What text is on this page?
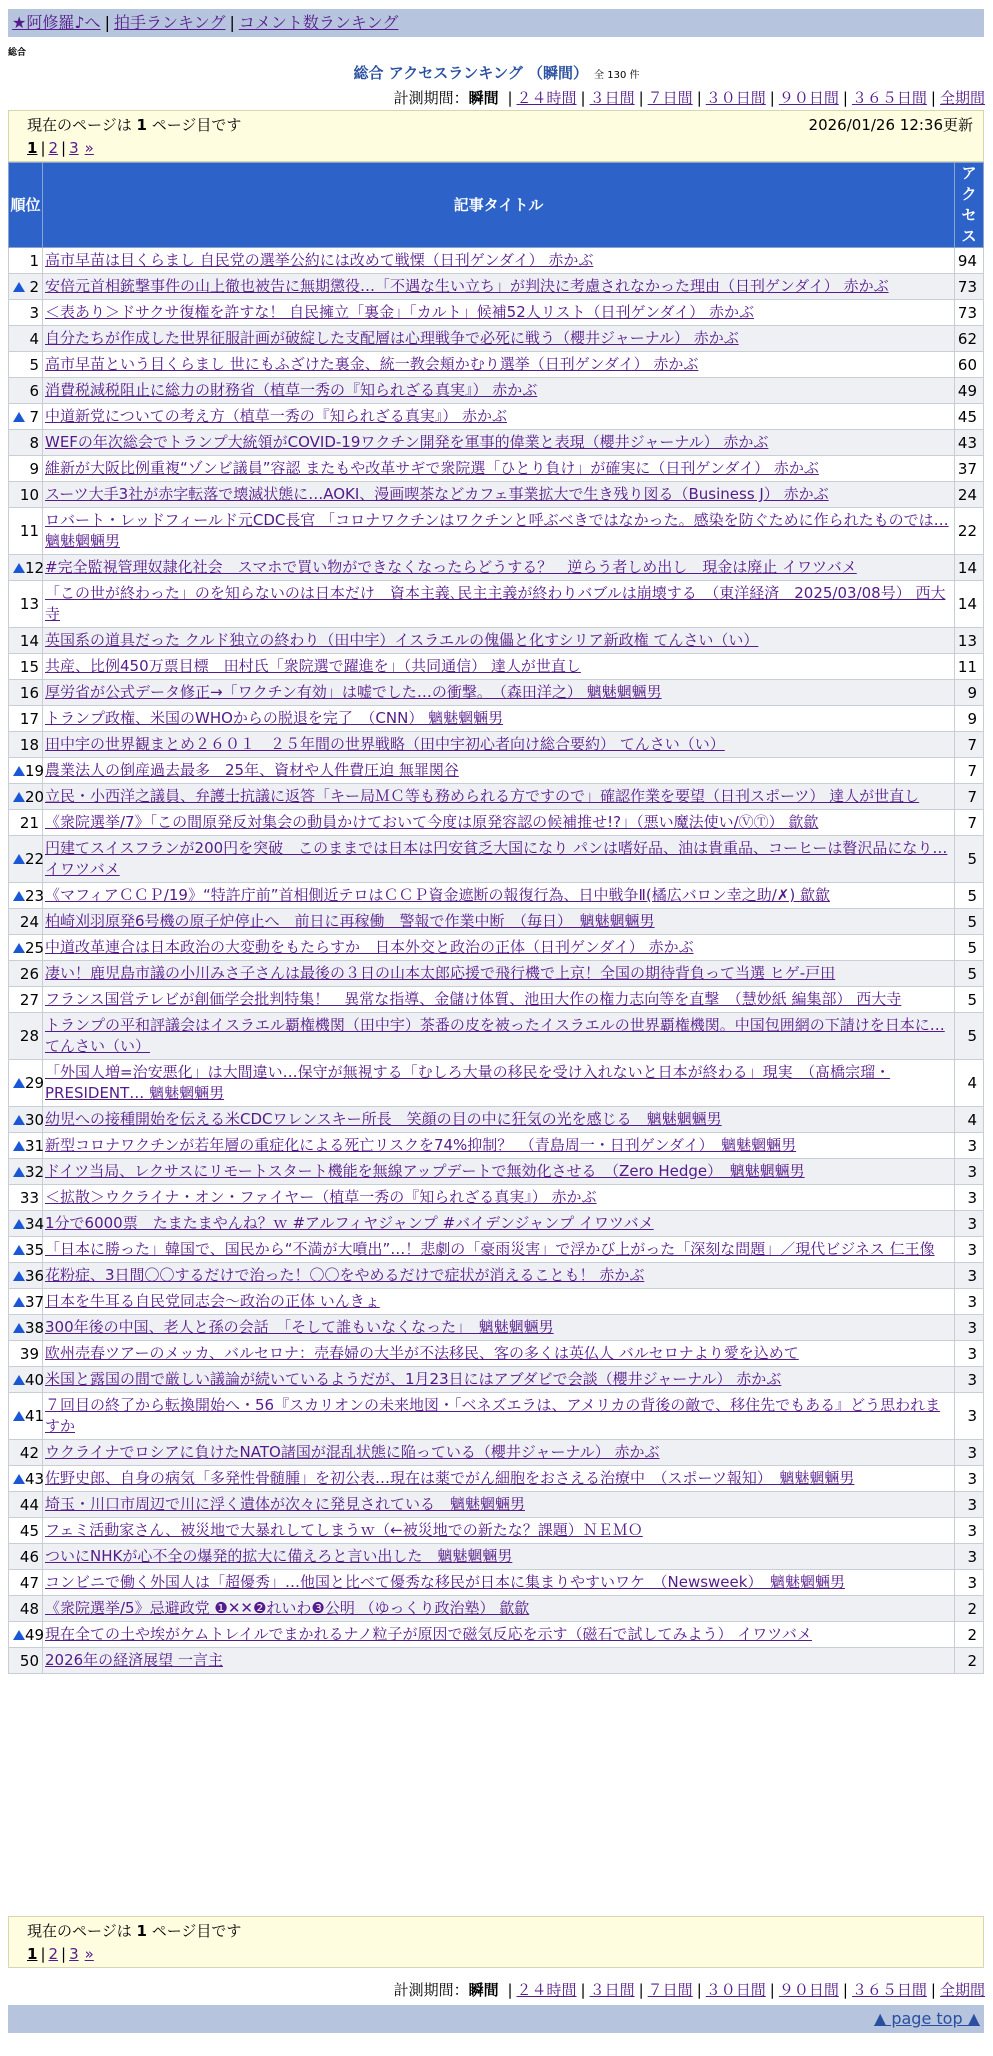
★阿修羅♪へ | 拍手ランキング | コメント数ランキング
総合
総合 アクセスランキング （瞬間） 全 130 件
計測期間：瞬間 | ２４時間 | ３日間 | ７日間 | ３０日間 | ９０日間 | ３６５日間 | 全期間
現在のページは 1 ページ目です	2026/01/26 12:36更新
1 | 2 | 3 »
順位	記事タイトル	アクセス
1	高市早苗は目くらまし 自民党の選挙公約には改めて戦慄（日刊ゲンダイ） 赤かぶ	94

2	安倍元首相銃撃事件の山上徹也被告に無期懲役…「不遇な生い立ち」が判決に考慮されなかった理由（日刊ゲンダイ） 赤かぶ	73
3	＜表あり＞ドサクサ復権を許すな！ 自民擁立「裏金」「カルト」候補52人リスト（日刊ゲンダイ） 赤かぶ	73
4	自分たちが作成した世界征服計画が破綻した支配層は心理戦争で必死に戦う（櫻井ジャーナル） 赤かぶ	62
5	高市早苗という目くらまし 世にもふざけた裏金、統一教会頬かむり選挙（日刊ゲンダイ） 赤かぶ	60
6	消費税減税阻止に総力の財務省（植草一秀の『知られざる真実』） 赤かぶ	49

7	中道新党についての考え方（植草一秀の『知られざる真実』） 赤かぶ	45
8	WEFの年次総会でトランプ大統領がCOVID-19ワクチン開発を軍事的偉業と表現（櫻井ジャーナル） 赤かぶ	43
9	維新が大阪比例重複“ゾンビ議員”容認 またもや改革サギで衆院選「ひとり負け」が確実に（日刊ゲンダイ） 赤かぶ	37
10	スーツ大手3社が赤字転落で壊滅状態に…AOKI、漫画喫茶などカフェ事業拡大で生き残り図る（Business J） 赤かぶ	24
11	ロバート・レッドフィールド元CDC長官 「コロナワクチンはワクチンと呼ぶべきではなかった。感染を防ぐために作られたものでは… 魑魅魍魎男	22

12	#完全監視管理奴隷化社会　スマホで買い物ができなくなったらどうする？　逆らう者しめ出し　現金は廃止 イワツバメ	14
13	「この世が終わった」のを知らないのは日本だけ　資本主義､民主主義が終わりバブルは崩壊する　（東洋経済　2025/03/08号） 西大寺	14
14	英国系の道具だった クルド独立の終わり（田中宇）イスラエルの傀儡と化すシリア新政権 てんさい（い）	13
15	共産、比例450万票目標　田村氏「衆院選で躍進を」（共同通信） 達人が世直し	11
16	厚労省が公式データ修正→「ワクチン有効」は嘘でした…の衝撃。　（森田洋之） 魑魅魍魎男	9
17	トランプ政権、米国のWHOからの脱退を完了　（CNN） 魑魅魍魎男	9
18	田中宇の世界観まとめ２６０１　２５年間の世界戦略（田中宇初心者向け総合要約） てんさい（い）	7

19	農業法人の倒産過去最多　25年、資材や人件費圧迫 無罪関谷	7

20	立民・小西洋之議員、弁護士抗議に返答「キー局ＭＣ等も務められる方ですので」確認作業を要望（日刊スポーツ） 達人が世直し	7
21	《衆院選挙/7》「この間原発反対集会の動員かけておいて今度は原発容認の候補推せ!?」（悪い魔法使い/ⓋⓉ） 歙歙	7

22	円建てスイスフランが200円を突破　このままでは日本は円安貧乏大国になり パンは嗜好品、油は貴重品、コーヒーは贅沢品になり… イワツバメ	5

23	《マフィアＣＣＰ/19》“特許庁前”首相側近テロはＣＣＰ資金遮断の報復行為、日中戦争Ⅱ(橘広バロン幸之助/✗) 歙歙	5
24	柏崎刈羽原発6号機の原子炉停止へ　前日に再稼働　警報で作業中断　（毎日）　魑魅魍魎男	5

25	中道改革連合は日本政治の大変動をもたらすか　日本外交と政治の正体（日刊ゲンダイ） 赤かぶ	5
26	凄い！鹿児島市議の小川みさ子さんは最後の３日の山本太郎応援で飛行機で上京！全国の期待背負って当選 ヒゲ-戸田	5
27	フランス国営テレビが創価学会批判特集！　異常な指導、金儲け体質、池田大作の権力志向等を直撃　（慧妙紙 編集部） 西大寺	5
28	トランプの平和評議会はイスラエル覇権機関（田中宇）茶番の皮を被ったイスラエルの世界覇権機関。中国包囲網の下請けを日本に… てんさい（い）	5

29	「外国人増=治安悪化」は大間違い…保守が無視する「むしろ大量の移民を受け入れないと日本が終わる」現実　（髙橋宗瑠・PRESIDENT… 魑魅魍魎男	4

30	幼児への接種開始を伝える米CDCワレンスキー所長　笑顔の目の中に狂気の光を感じる　魑魅魍魎男	4

31	新型コロナワクチンが若年層の重症化による死亡リスクを74%抑制？　（青島周一・日刊ゲンダイ）　魑魅魍魎男	3

32	ドイツ当局、レクサスにリモートスタート機能を無線アップデートで無効化させる　（Zero Hedge）　魑魅魍魎男	3
33	＜拡散＞ウクライナ・オン・ファイヤー（植草一秀の『知られざる真実』） 赤かぶ	3

34	1分で6000票　たまたまやんね？ｗ #アルフィヤジャンプ #バイデンジャンプ イワツバメ	3

35	「日本に勝った」韓国で、国民から“不満が大噴出”…！悲劇の「豪雨災害」で浮かび上がった「深刻な問題」／現代ビジネス 仁王像	3

36	花粉症、3日間〇〇するだけで治った！〇〇をやめるだけで症状が消えることも！ 赤かぶ	3

37	日本を牛耳る自民党同志会～政治の正体 いんきょ	3

38	300年後の中国、老人と孫の会話　「そして誰もいなくなった」　魑魅魍魎男	3
39	欧州売春ツアーのメッカ、バルセロナ：売春婦の大半が不法移民、客の多くは英仏人 バルセロナより愛を込めて	3

40	米国と露国の間で厳しい議論が続いているようだが、1月23日にはアブダビで会談（櫻井ジャーナル） 赤かぶ	3

41	７回目の終了から転換開始へ・56『スカリオンの未来地図・「ベネズエラは、アメリカの背後の敵で、移住先でもある』どう思われますか	3
42	ウクライナでロシアに負けたNATO諸国が混乱状態に陥っている（櫻井ジャーナル） 赤かぶ	3

43	佐野史郎、自身の病気「多発性骨髄腫」を初公表…現在は薬でがん細胞をおさえる治療中　（スポーツ報知）　魑魅魍魎男	3
44	埼玉・川口市周辺で川に浮く遺体が次々に発見されている　魑魅魍魎男	3
45	フェミ活動家さん、被災地で大暴れしてしまうｗ（←被災地での新たな？課題）ＮＥＭＯ	3
46	ついにNHKが心不全の爆発的拡大に備えろと言い出した　魑魅魍魎男	3
47	コンビニで働く外国人は「超優秀」…他国と比べて優秀な移民が日本に集まりやすいワケ　（Newsweek）　魑魅魍魎男	3
48	《衆院選挙/5》忌避政党 ❶✕✕❷れいわ❸公明 （ゆっくり政治塾） 歙歙	2

49	現在全ての土や埃がケムトレイルでまかれるナノ粒子が原因で磁気反応を示す（磁石で試してみよう） イワツバメ	2
50	2026年の経済展望 一言主	2
現在のページは 1 ページ目です
1 | 2 | 3 »
計測期間：瞬間 | ２４時間 | ３日間 | ７日間 | ３０日間 | ９０日間 | ３６５日間 | 全期間
▲ page top ▲
